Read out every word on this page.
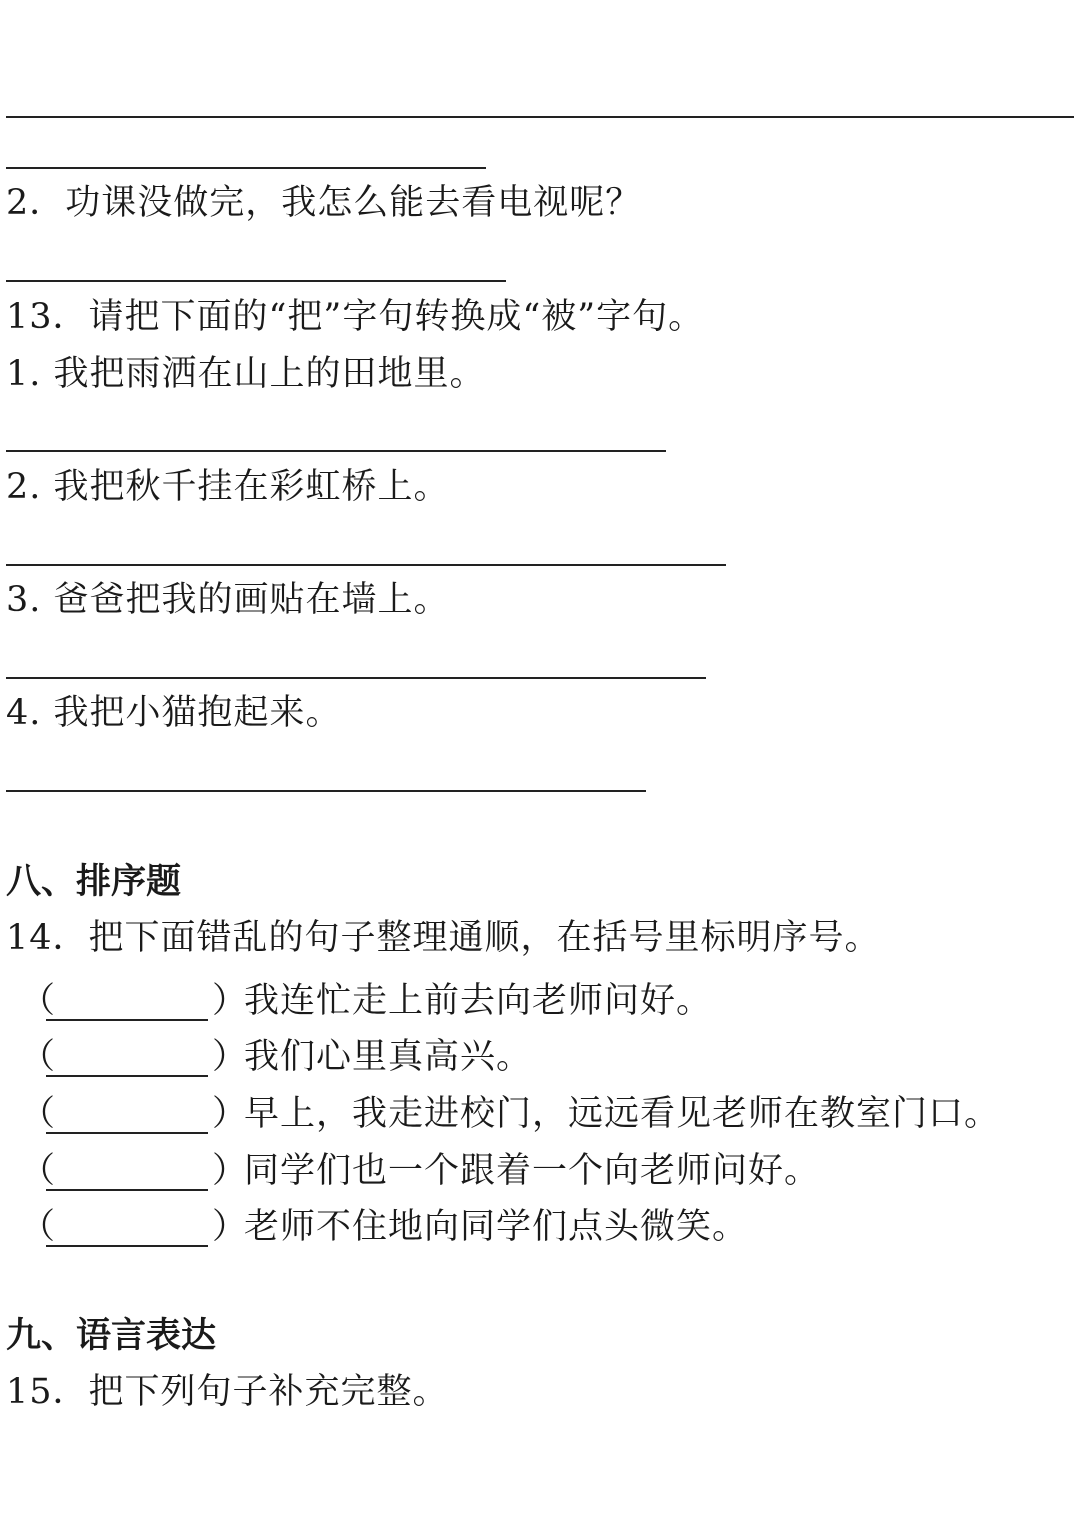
2．功课没做完，我怎么能去看电视呢？
13．请把下面的“把”字句转换成“被”字句。
1. 我把雨洒在山上的田地里。
2. 我把秋千挂在彩虹桥上。
3. 爸爸把我的画贴在墙上。
4. 我把小猫抱起来。
八、排序题
14．把下面错乱的句子整理通顺，在括号里标明序号。
（	）
我连忙走上前去向老师问好。
（	）
我们心里真高兴。
（	）
早上，我走进校门，远远看见老师在教室门口。
（	）
同学们也一个跟着一个向老师问好。
（	）
老师不住地向同学们点头微笑。
九、语言表达
15．把下列句子补充完整。
